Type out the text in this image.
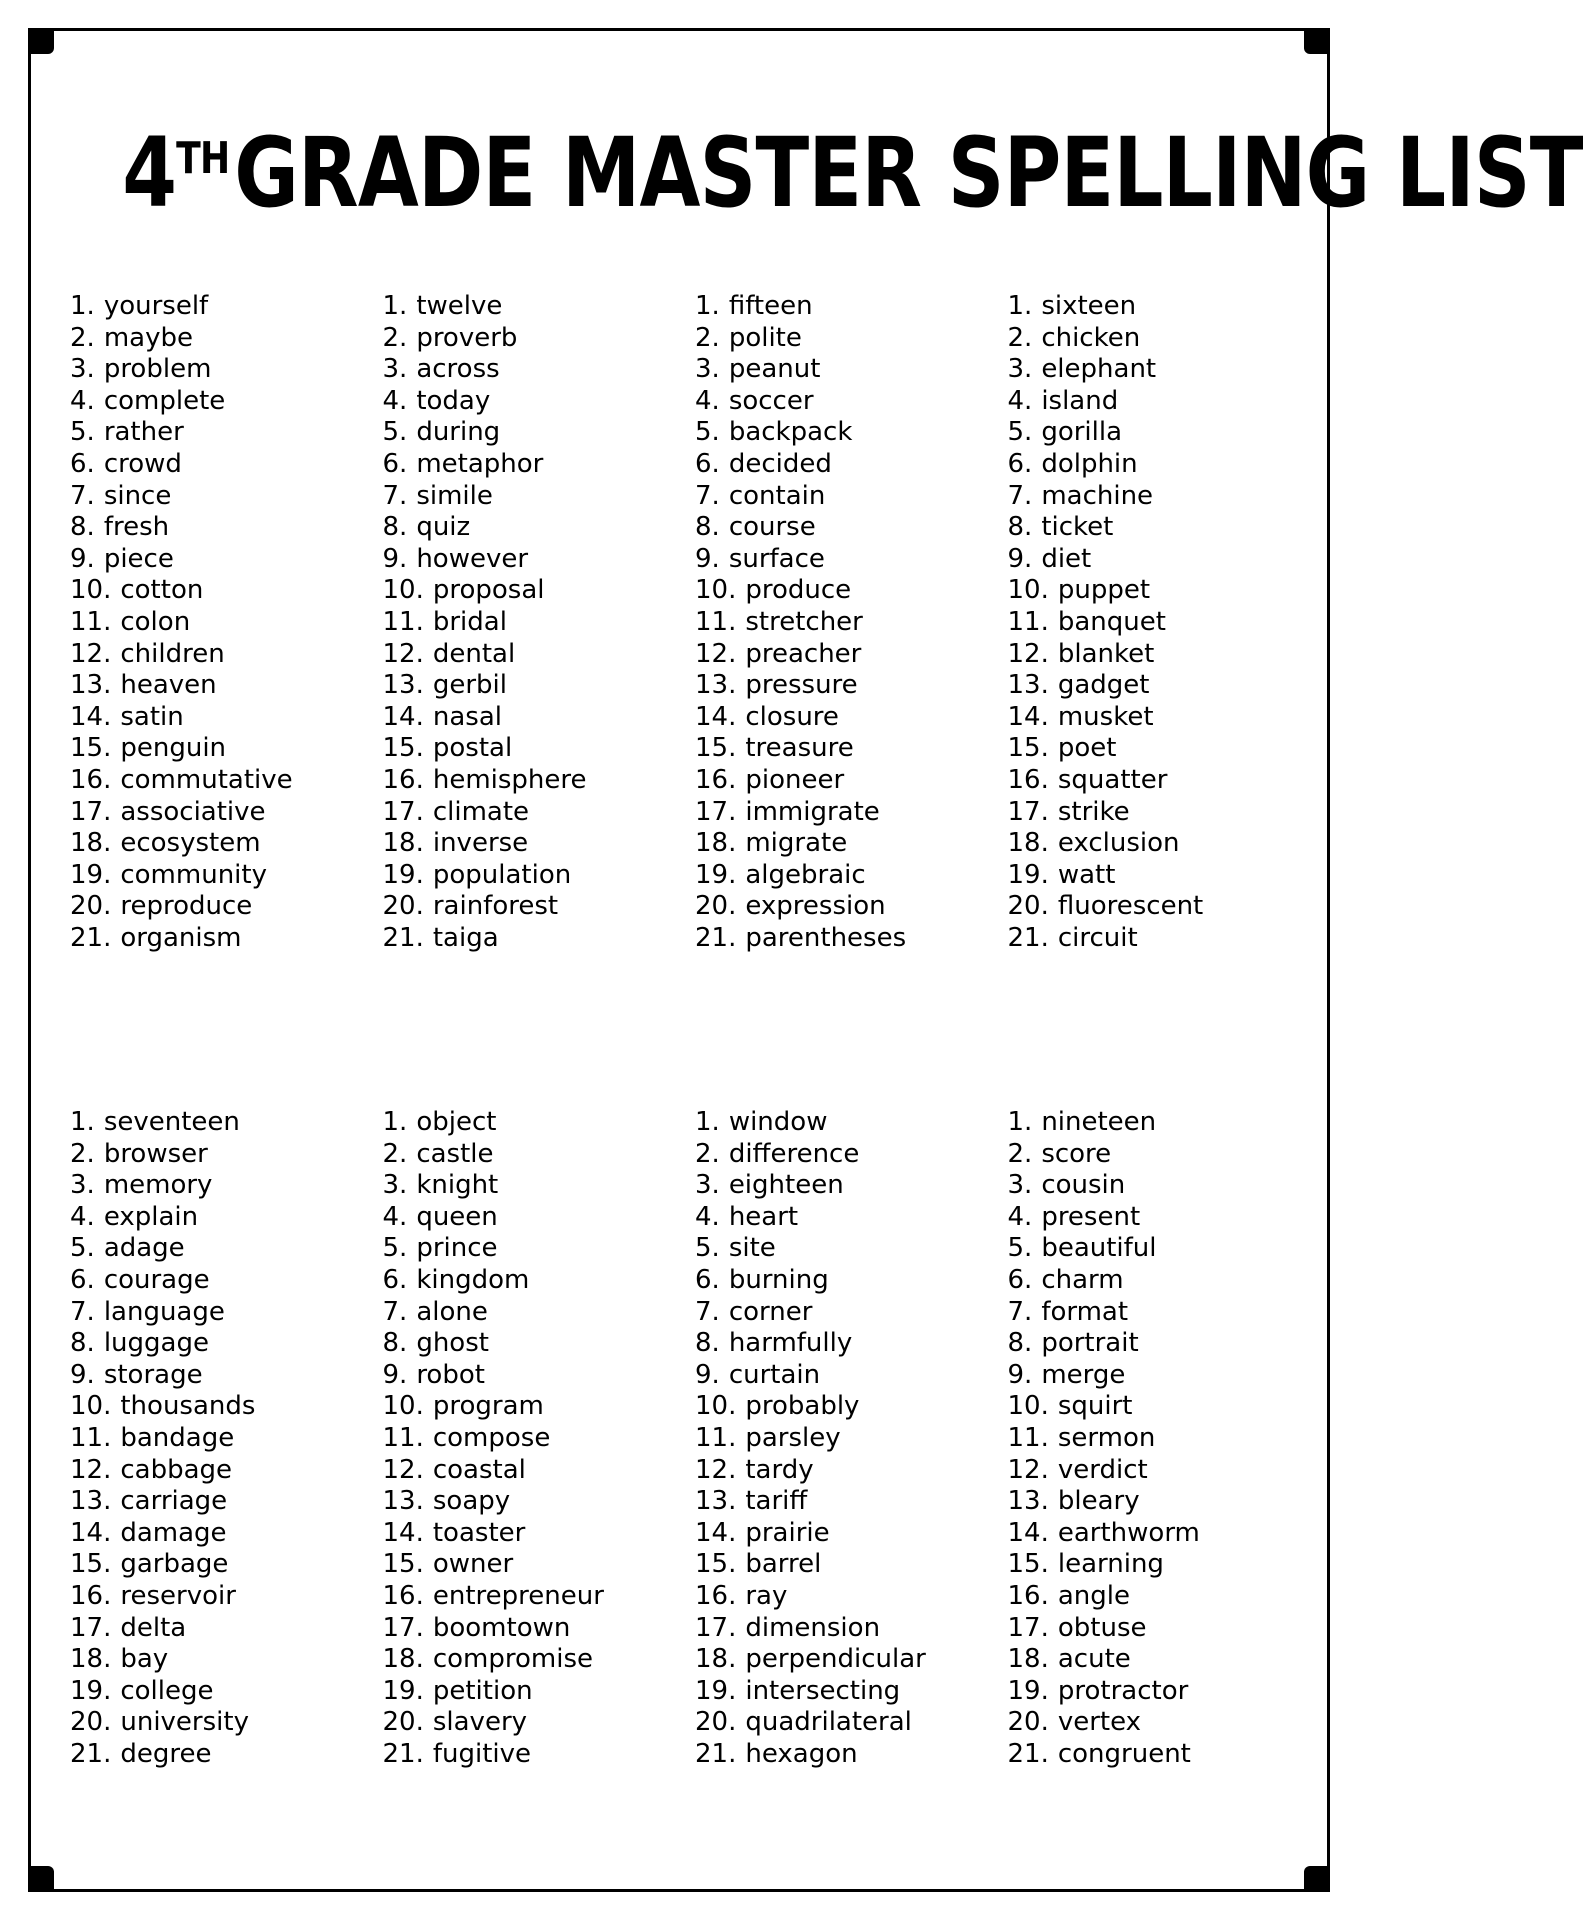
4THGRADE MASTER SPELLING LIST
1. yourself
2. maybe
3. problem
4. complete
5. rather
6. crowd
7. since
8. fresh
9. piece
10. cotton
11. colon
12. children
13. heaven
14. satin
15. penguin
16. commutative
17. associative
18. ecosystem
19. community
20. reproduce
21. organism
1. twelve
2. proverb
3. across
4. today
5. during
6. metaphor
7. simile
8. quiz
9. however
10. proposal
11. bridal
12. dental
13. gerbil
14. nasal
15. postal
16. hemisphere
17. climate
18. inverse
19. population
20. rainforest
21. taiga
1. fifteen
2. polite
3. peanut
4. soccer
5. backpack
6. decided
7. contain
8. course
9. surface
10. produce
11. stretcher
12. preacher
13. pressure
14. closure
15. treasure
16. pioneer
17. immigrate
18. migrate
19. algebraic
20. expression
21. parentheses
1. sixteen
2. chicken
3. elephant
4. island
5. gorilla
6. dolphin
7. machine
8. ticket
9. diet
10. puppet
11. banquet
12. blanket
13. gadget
14. musket
15. poet
16. squatter
17. strike
18. exclusion
19. watt
20. fluorescent
21. circuit
1. seventeen
2. browser
3. memory
4. explain
5. adage
6. courage
7. language
8. luggage
9. storage
10. thousands
11. bandage
12. cabbage
13. carriage
14. damage
15. garbage
16. reservoir
17. delta
18. bay
19. college
20. university
21. degree
1. object
2. castle
3. knight
4. queen
5. prince
6. kingdom
7. alone
8. ghost
9. robot
10. program
11. compose
12. coastal
13. soapy
14. toaster
15. owner
16. entrepreneur
17. boomtown
18. compromise
19. petition
20. slavery
21. fugitive
1. window
2. difference
3. eighteen
4. heart
5. site
6. burning
7. corner
8. harmfully
9. curtain
10. probably
11. parsley
12. tardy
13. tariff
14. prairie
15. barrel
16. ray
17. dimension
18. perpendicular
19. intersecting
20. quadrilateral
21. hexagon
1. nineteen
2. score
3. cousin
4. present
5. beautiful
6. charm
7. format
8. portrait
9. merge
10. squirt
11. sermon
12. verdict
13. bleary
14. earthworm
15. learning
16. angle
17. obtuse
18. acute
19. protractor
20. vertex
21. congruent
